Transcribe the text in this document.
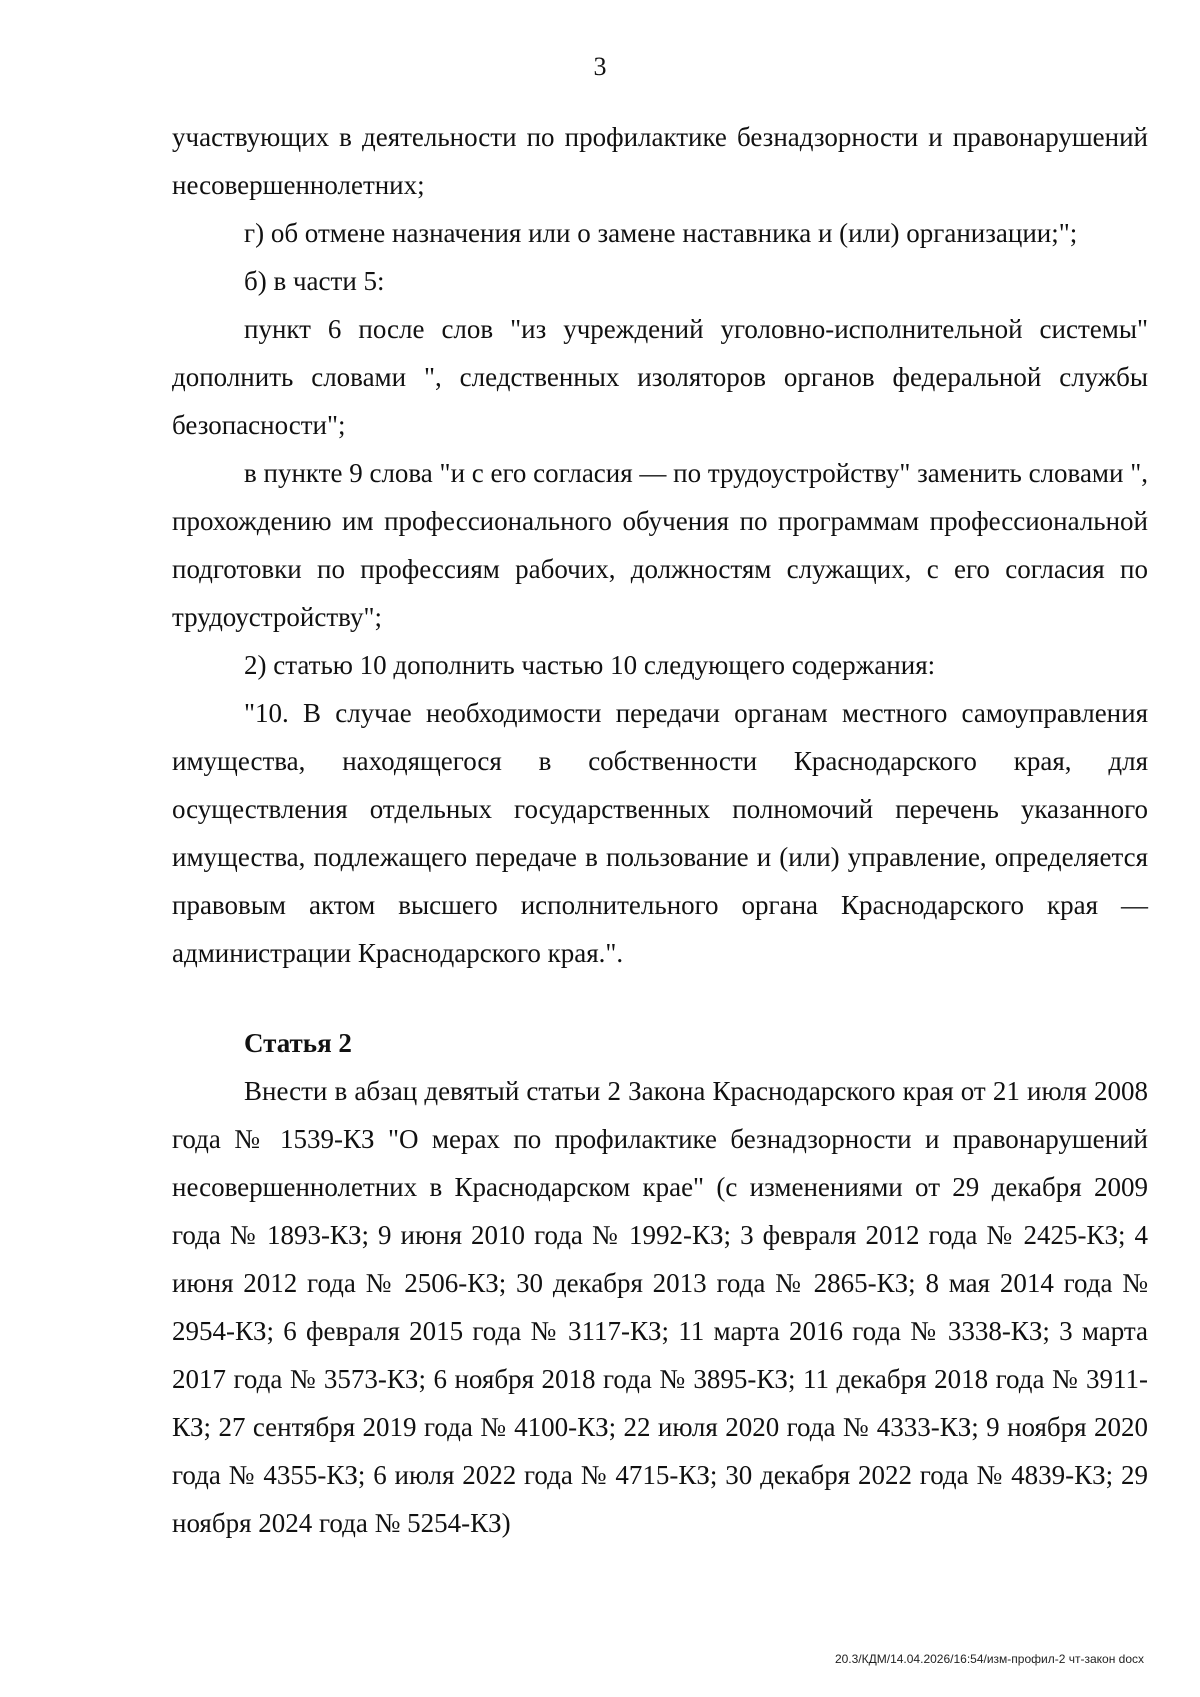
3

участвующих в деятельности по профилактике безнадзорности и правонарушений несовершеннолетних;

г) об отмене назначения или о замене наставника и (или) организации;";

б) в части 5:

пункт 6 после слов "из учреждений уголовно-исполнительной системы" дополнить словами ", следственных изоляторов органов федеральной службы безопасности";

в пункте 9 слова "и с его согласия — по трудоустройству" заменить словами ", прохождению им профессионального обучения по программам профессиональной подготовки по профессиям рабочих, должностям служащих, с его согласия по трудоустройству";

2) статью 10 дополнить частью 10 следующего содержания:

"10. В случае необходимости передачи органам местного самоуправления имущества, находящегося в собственности Краснодарского края, для осуществления отдельных государственных полномочий перечень указанного имущества, подлежащего передаче в пользование и (или) управление, определяется правовым актом высшего исполнительного органа Краснодарского края — администрации Краснодарского края.".

Статья 2

Внести в абзац девятый статьи 2 Закона Краснодарского края от 21 июля 2008 года № 1539-КЗ "О мерах по профилактике безнадзорности и правонарушений несовершеннолетних в Краснодарском крае" (с изменениями от 29 декабря 2009 года № 1893-КЗ; 9 июня 2010 года № 1992-КЗ; 3 февраля 2012 года № 2425-КЗ; 4 июня 2012 года № 2506-КЗ; 30 декабря 2013 года № 2865-КЗ; 8 мая 2014 года № 2954-КЗ; 6 февраля 2015 года № 3117-КЗ; 11 марта 2016 года № 3338-КЗ; 3 марта 2017 года № 3573-КЗ; 6 ноября 2018 года № 3895-КЗ; 11 декабря 2018 года № 3911-КЗ; 27 сентября 2019 года № 4100-КЗ; 22 июля 2020 года № 4333-КЗ; 9 ноября 2020 года № 4355-КЗ; 6 июля 2022 года № 4715-КЗ; 30 декабря 2022 года № 4839-КЗ; 29 ноября 2024 года № 5254-КЗ)

20.3/КДМ/14.04.2026/16:54/изм-профил-2 чт-закон docx
